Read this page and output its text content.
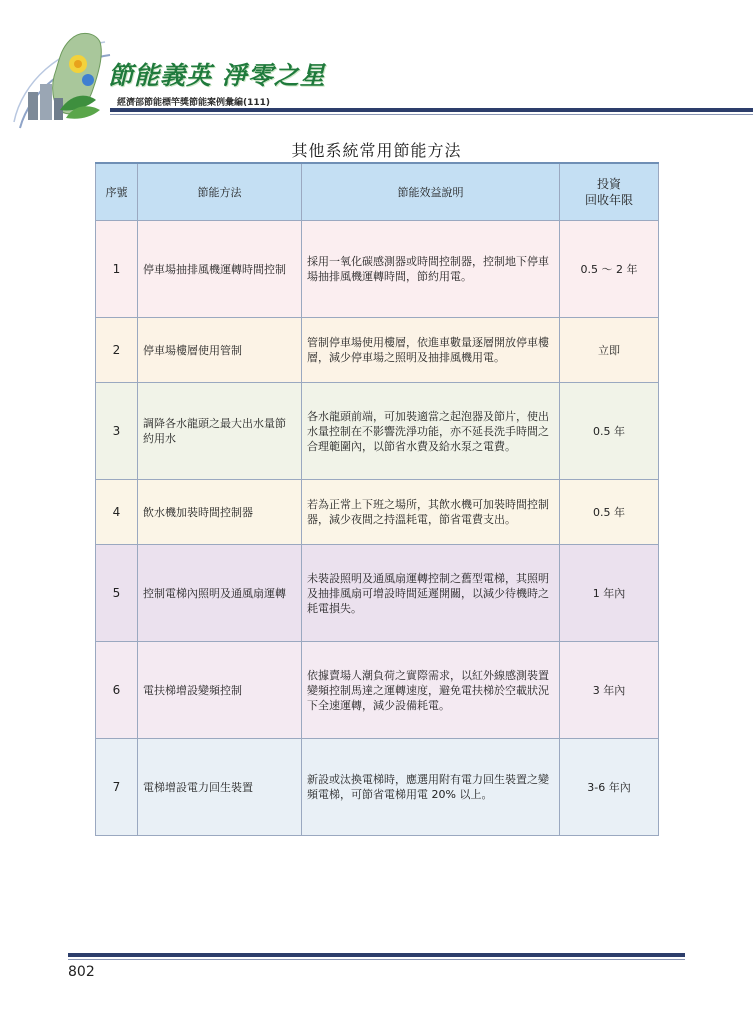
節能義英 淨零之星
經濟部節能標竿獎節能案例彙編(111)
其他系統常用節能方法
序號	節能方法	節能效益說明	投資
回收年限
1	停車場抽排風機運轉時間控制	採用一氧化碳感測器或時間控制器，控制地下停車場抽排風機運轉時間，節約用電。	0.5 ～ 2 年
2	停車場樓層使用管制	管制停車場使用樓層，依進車數量逐層開放停車樓層，減少停車場之照明及抽排風機用電。	立即
3	調降各水龍頭之最大出水量節約用水	各水龍頭前端，可加裝適當之起泡器及節片，使出水量控制在不影響洗淨功能，亦不延長洗手時間之合理範圍內，以節省水費及給水泵之電費。	0.5 年
4	飲水機加裝時間控制器	若為正常上下班之場所，其飲水機可加裝時間控制器，減少夜間之持溫耗電，節省電費支出。	0.5 年
5	控制電梯內照明及通風扇運轉	未裝設照明及通風扇運轉控制之舊型電梯，其照明及抽排風扇可增設時間延遲開關，以減少待機時之耗電損失。	1 年內
6	電扶梯增設變頻控制	依據賣場人潮負荷之實際需求，以紅外線感測裝置變頻控制馬達之運轉速度，避免電扶梯於空載狀況下全速運轉，減少設備耗電。	3 年內
7	電梯增設電力回生裝置	新設或汰換電梯時，應選用附有電力回生裝置之變頻電梯，可節省電梯用電 20% 以上。	3-6 年內
802
